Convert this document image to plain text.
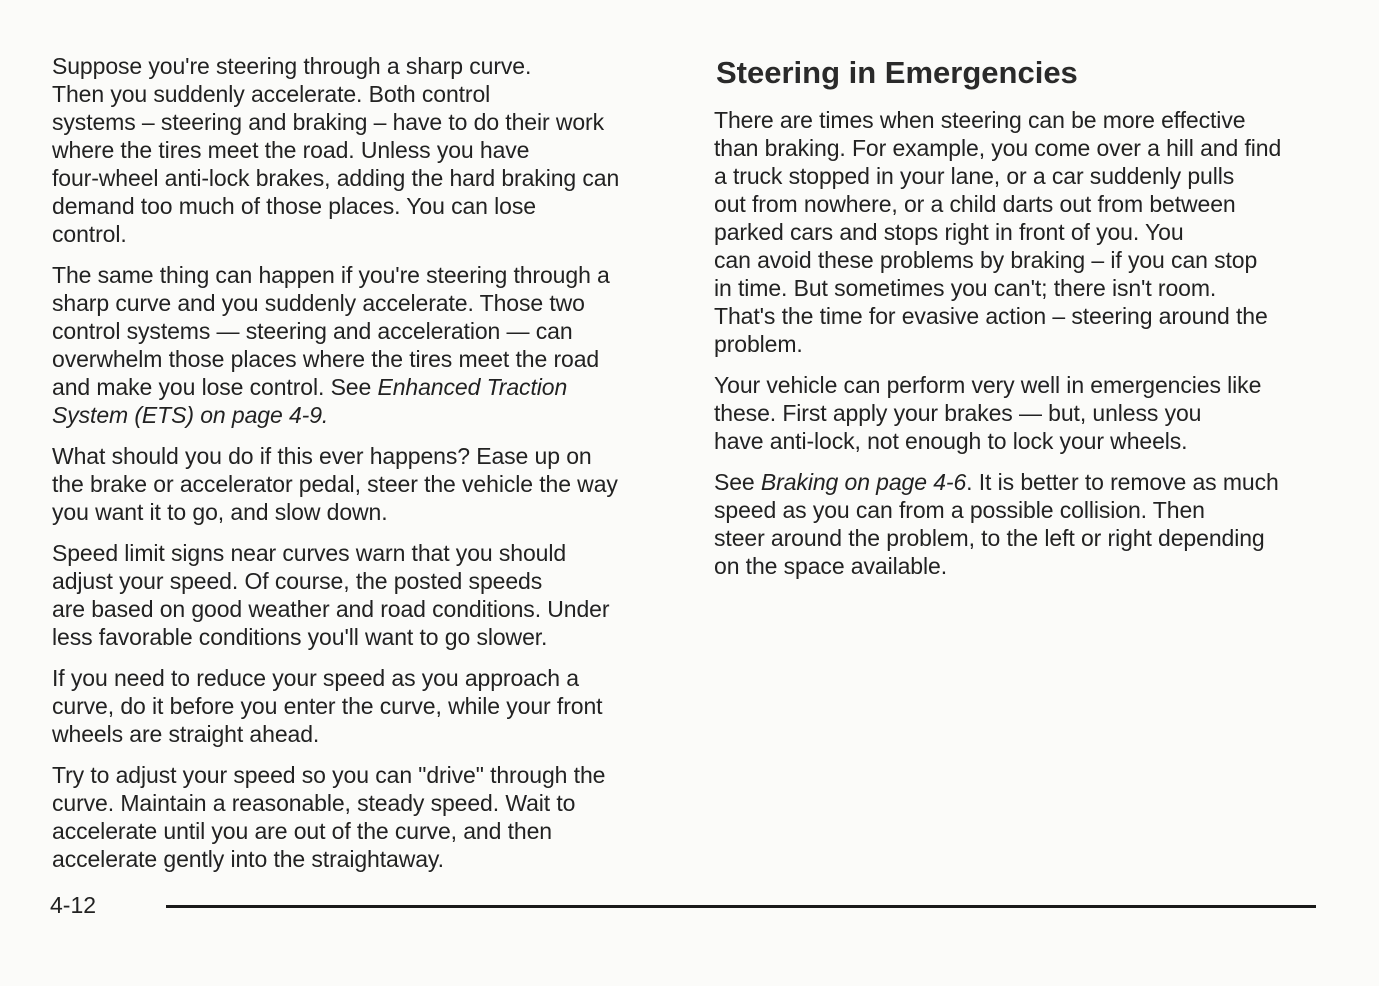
Suppose you're steering through a sharp curve.
Then you suddenly accelerate. Both control
systems – steering and braking – have to do their work
where the tires meet the road. Unless you have
four-wheel anti-lock brakes, adding the hard braking can
demand too much of those places. You can lose
control.

The same thing can happen if you're steering through a
sharp curve and you suddenly accelerate. Those two
control systems — steering and acceleration — can
overwhelm those places where the tires meet the road
and make you lose control. See Enhanced Traction
System (ETS) on page 4-9.

What should you do if this ever happens? Ease up on
the brake or accelerator pedal, steer the vehicle the way
you want it to go, and slow down.

Speed limit signs near curves warn that you should
adjust your speed. Of course, the posted speeds
are based on good weather and road conditions. Under
less favorable conditions you'll want to go slower.

If you need to reduce your speed as you approach a
curve, do it before you enter the curve, while your front
wheels are straight ahead.

Try to adjust your speed so you can "drive" through the
curve. Maintain a reasonable, steady speed. Wait to
accelerate until you are out of the curve, and then
accelerate gently into the straightaway.

Steering in Emergencies

There are times when steering can be more effective
than braking. For example, you come over a hill and find
a truck stopped in your lane, or a car suddenly pulls
out from nowhere, or a child darts out from between
parked cars and stops right in front of you. You
can avoid these problems by braking – if you can stop
in time. But sometimes you can't; there isn't room.
That's the time for evasive action – steering around the
problem.

Your vehicle can perform very well in emergencies like
these. First apply your brakes — but, unless you
have anti-lock, not enough to lock your wheels.

See Braking on page 4-6. It is better to remove as much
speed as you can from a possible collision. Then
steer around the problem, to the left or right depending
on the space available.

4-12
